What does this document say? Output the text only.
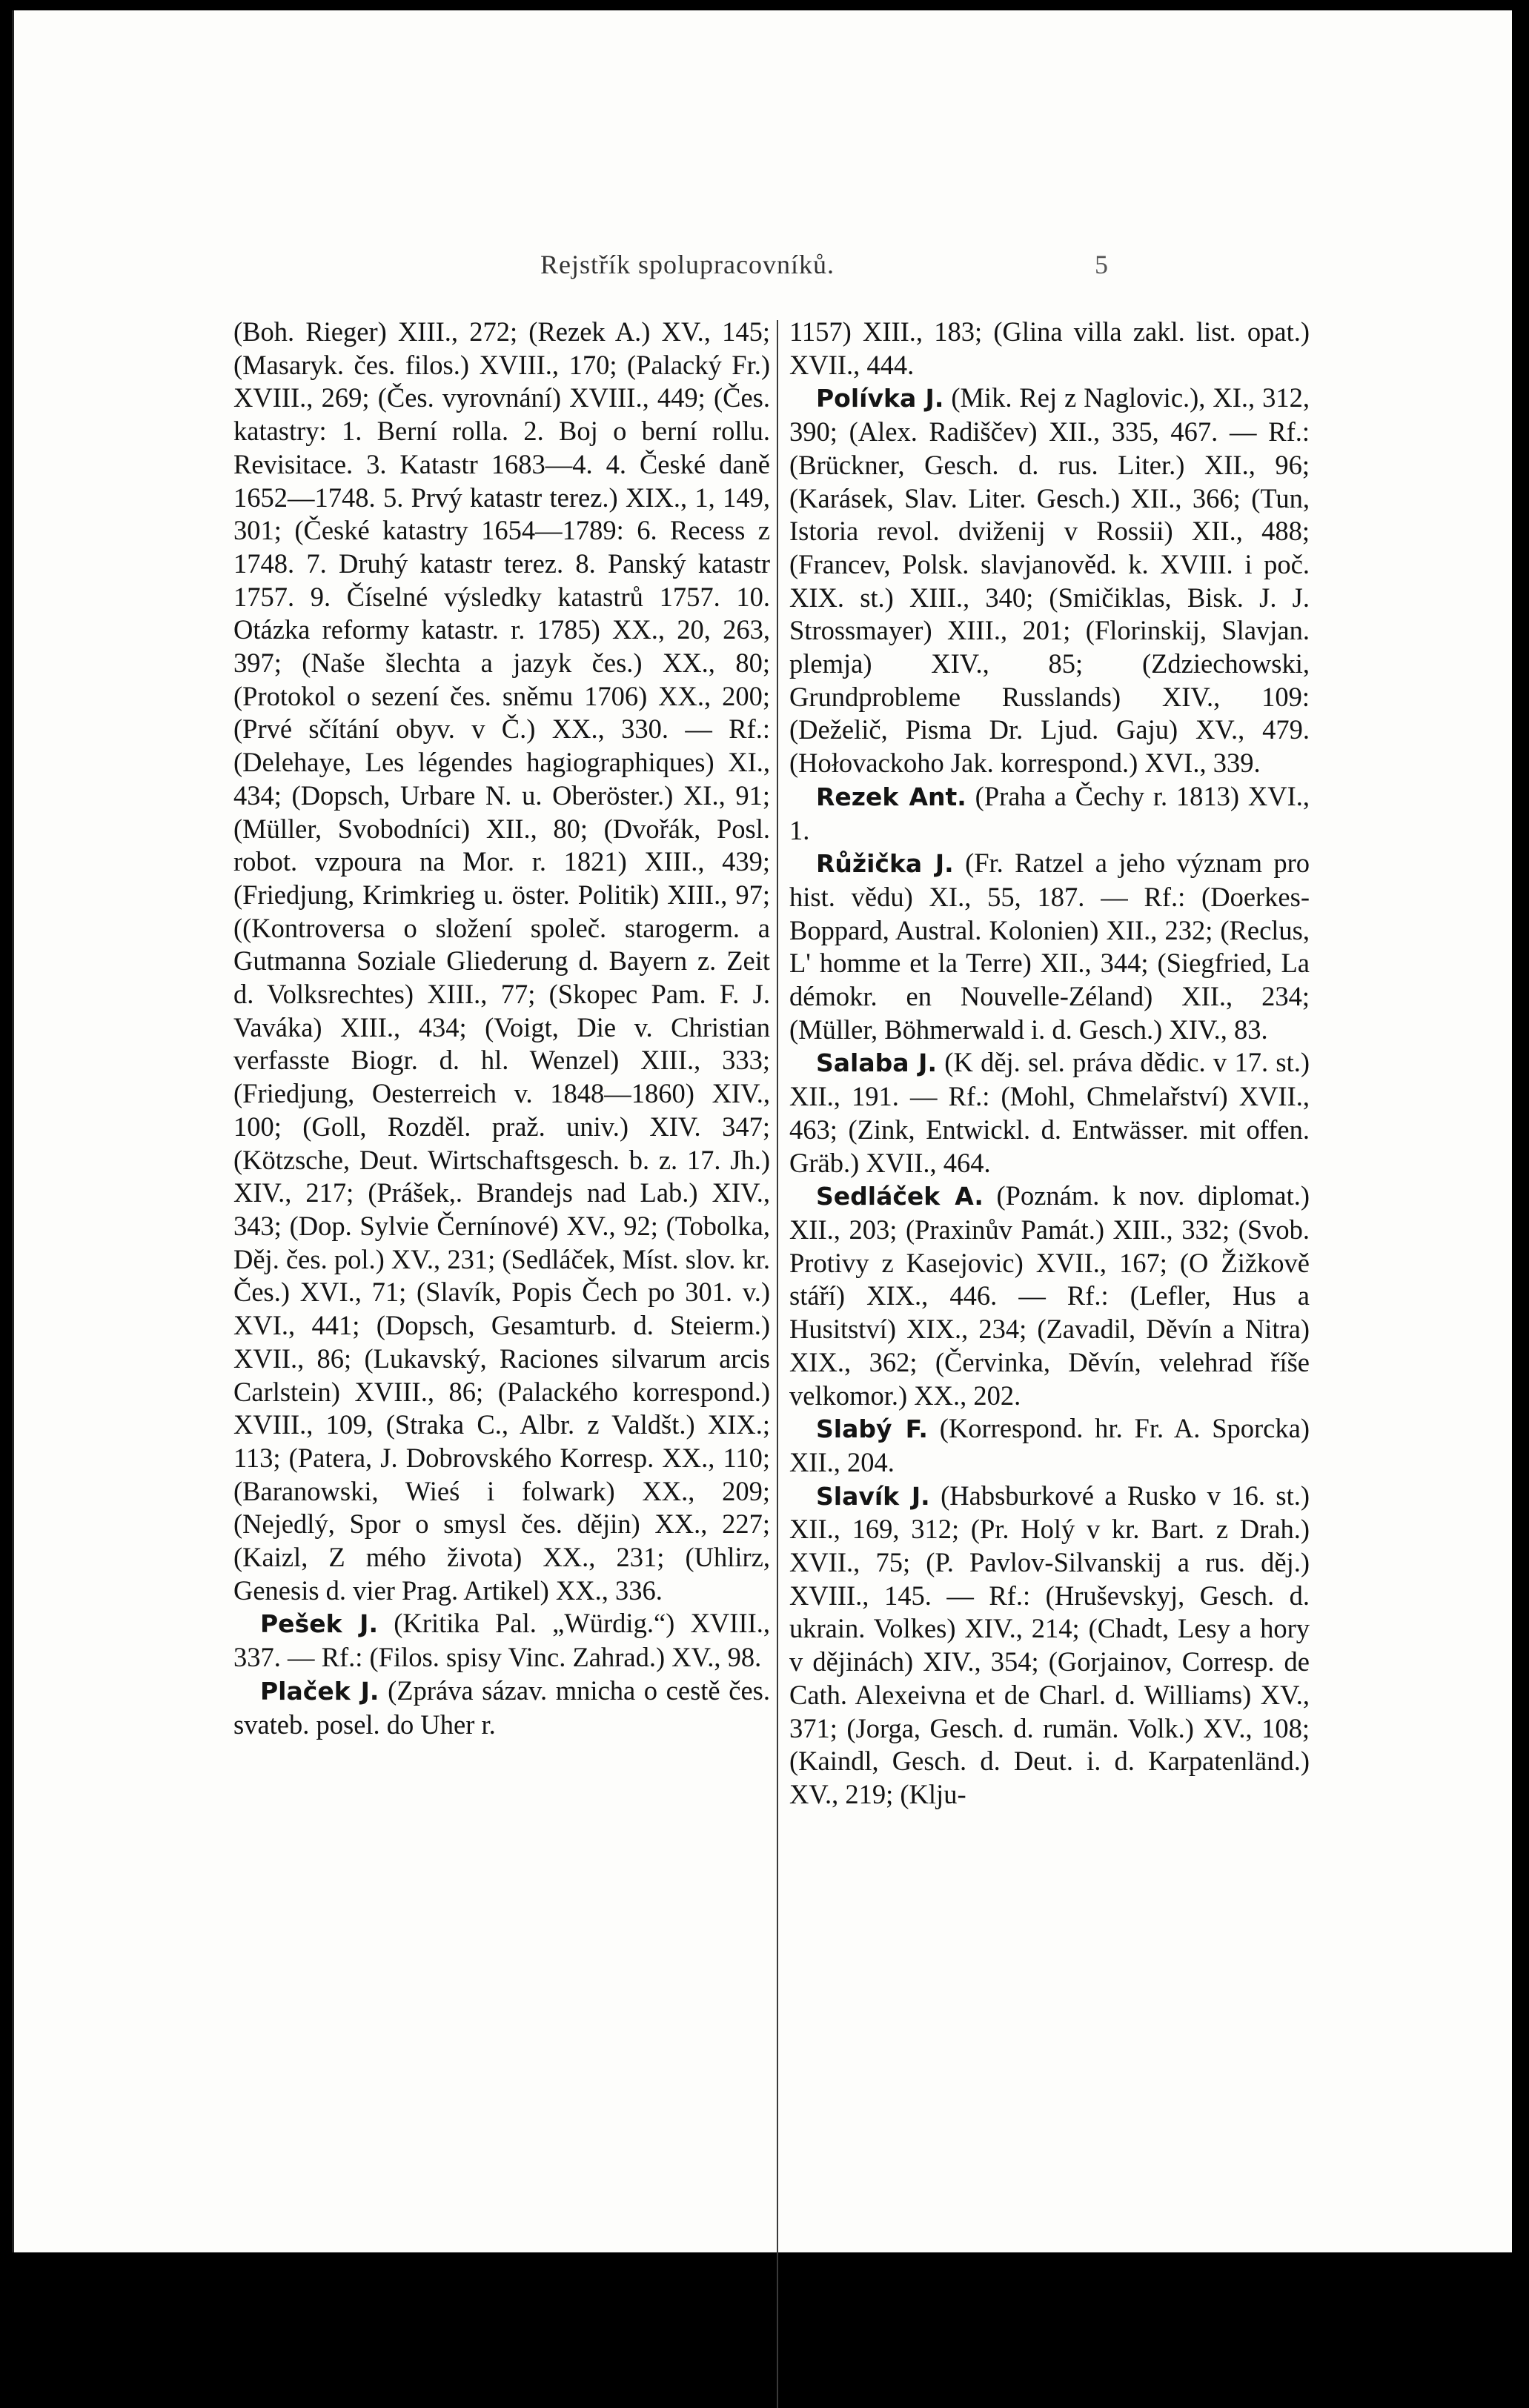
Rejstřík spolupracovníků.	5
(Boh. Rieger) XIII., 272; (Rezek A.) XV., 145; (Masaryk. čes. filos.) XVIII., 170; (Palacký Fr.) XVIII., 269; (Čes. vyrovnání) XVIII., 449; (Čes. katastry: 1. Berní rolla. 2. Boj o berní rollu. Revisitace. 3. Katastr 1683—4. 4. České daně 1652—1748. 5. Prvý katastr terez.) XIX., 1, 149, 301; (České katastry 1654—1789: 6. Recess z 1748. 7. Druhý katastr terez. 8. Panský katastr 1757. 9. Číselné výsledky katastrů 1757. 10. Otázka reformy katastr. r. 1785) XX., 20, 263, 397; (Naše šlechta a jazyk čes.) XX., 80; (Protokol o sezení čes. sněmu 1706) XX., 200; (Prvé sčítání obyv. v Č.) XX., 330. — Rf.: (Delehaye, Les légendes hagiographiques) XI., 434; (Dopsch, Urbare N. u. Oberöster.) XI., 91; (Müller, Svobodníci) XII., 80; (Dvořák, Posl. robot. vzpoura na Mor. r. 1821) XIII., 439; (Friedjung, Krimkrieg u. öster. Politik) XIII., 97; ((Kontroversa o složení společ. starogerm. a Gutmanna Soziale Gliederung d. Bayern z. Zeit d. Volksrechtes) XIII., 77; (Skopec Pam. F. J. Vaváka) XIII., 434; (Voigt, Die v. Christian verfasste Biogr. d. hl. Wenzel) XIII., 333; (Friedjung, Oesterreich v. 1848—1860) XIV., 100; (Goll, Rozděl. praž. univ.) XIV. 347; (Kötzsche, Deut. Wirtschaftsgesch. b. z. 17. Jh.) XIV., 217; (Prášek,. Brandejs nad Lab.) XIV., 343; (Dop. Sylvie Černínové) XV., 92; (Tobolka, Děj. čes. pol.) XV., 231; (Sedláček, Míst. slov. kr. Čes.) XVI., 71; (Slavík, Popis Čech po 301. v.) XVI., 441; (Dopsch, Gesamturb. d. Steierm.) XVII., 86; (Lukavský, Raciones silvarum arcis Carlstein) XVIII., 86; (Palackého korrespond.) XVIII., 109, (Straka C., Albr. z Valdšt.) XIX.; 113; (Patera, J. Dobrovského Korresp. XX., 110; (Baranowski, Wieś i folwark) XX., 209; (Nejedlý, Spor o smysl čes. dějin) XX., 227; (Kaizl, Z mého života) XX., 231; (Uhlirz, Genesis d. vier Prag. Artikel) XX., 336.
Pešek J. (Kritika Pal. „Würdig.“) XVIII., 337. — Rf.: (Filos. spisy Vinc. Zahrad.) XV., 98.
Plaček J. (Zpráva sázav. mnicha o cestě čes. svateb. posel. do Uher r.
1157) XIII., 183; (Glina villa zakl. list. opat.) XVII., 444.
Polívka J. (Mik. Rej z Naglovic.), XI., 312, 390; (Alex. Radiščev) XII., 335, 467. — Rf.: (Brückner, Gesch. d. rus. Liter.) XII., 96; (Karásek, Slav. Liter. Gesch.) XII., 366; (Tun, Istoria revol. dviženij v Rossii) XII., 488; (Francev, Polsk. slavjanověd. k. XVIII. i poč. XIX. st.) XIII., 340; (Smičiklas, Bisk. J. J. Strossmayer) XIII., 201; (Florinskij, Slavjan. plemja) XIV., 85; (Zdziechowski, Grundprobleme Russlands) XIV., 109: (Deželič, Pisma Dr. Ljud. Gaju) XV., 479. (Hołovackoho Jak. korrespond.) XVI., 339.
Rezek Ant. (Praha a Čechy r. 1813) XVI., 1.
Růžička J. (Fr. Ratzel a jeho význam pro hist. vědu) XI., 55, 187. — Rf.: (Doerkes-Boppard, Austral. Kolonien) XII., 232; (Reclus, L' homme et la Terre) XII., 344; (Siegfried, La démokr. en Nouvelle-Zéland) XII., 234; (Müller, Böhmerwald i. d. Gesch.) XIV., 83.
Salaba J. (K děj. sel. práva dědic. v 17. st.) XII., 191. — Rf.: (Mohl, Chmelařství) XVII., 463; (Zink, Entwickl. d. Entwässer. mit offen. Gräb.) XVII., 464.
Sedláček A. (Poznám. k nov. diplomat.) XII., 203; (Praxinův Památ.) XIII., 332; (Svob. Protivy z Kasejovic) XVII., 167; (O Žižkově stáří) XIX., 446. — Rf.: (Lefler, Hus a Husitství) XIX., 234; (Zavadil, Děvín a Nitra) XIX., 362; (Červinka, Děvín, velehrad říše velkomor.) XX., 202.
Slabý F. (Korrespond. hr. Fr. A. Sporcka) XII., 204.
Slavík J. (Habsburkové a Rusko v 16. st.) XII., 169, 312; (Pr. Holý v kr. Bart. z Drah.) XVII., 75; (P. Pavlov-Silvanskij a rus. děj.) XVIII., 145. — Rf.: (Hruševskyj, Gesch. d. ukrain. Volkes) XIV., 214; (Chadt, Lesy a hory v dějinách) XIV., 354; (Gorjainov, Corresp. de Cath. Alexeivna et de Charl. d. Williams) XV., 371; (Jorga, Gesch. d. rumän. Volk.) XV., 108; (Kaindl, Gesch. d. Deut. i. d. Karpatenländ.) XV., 219; (Klju-
